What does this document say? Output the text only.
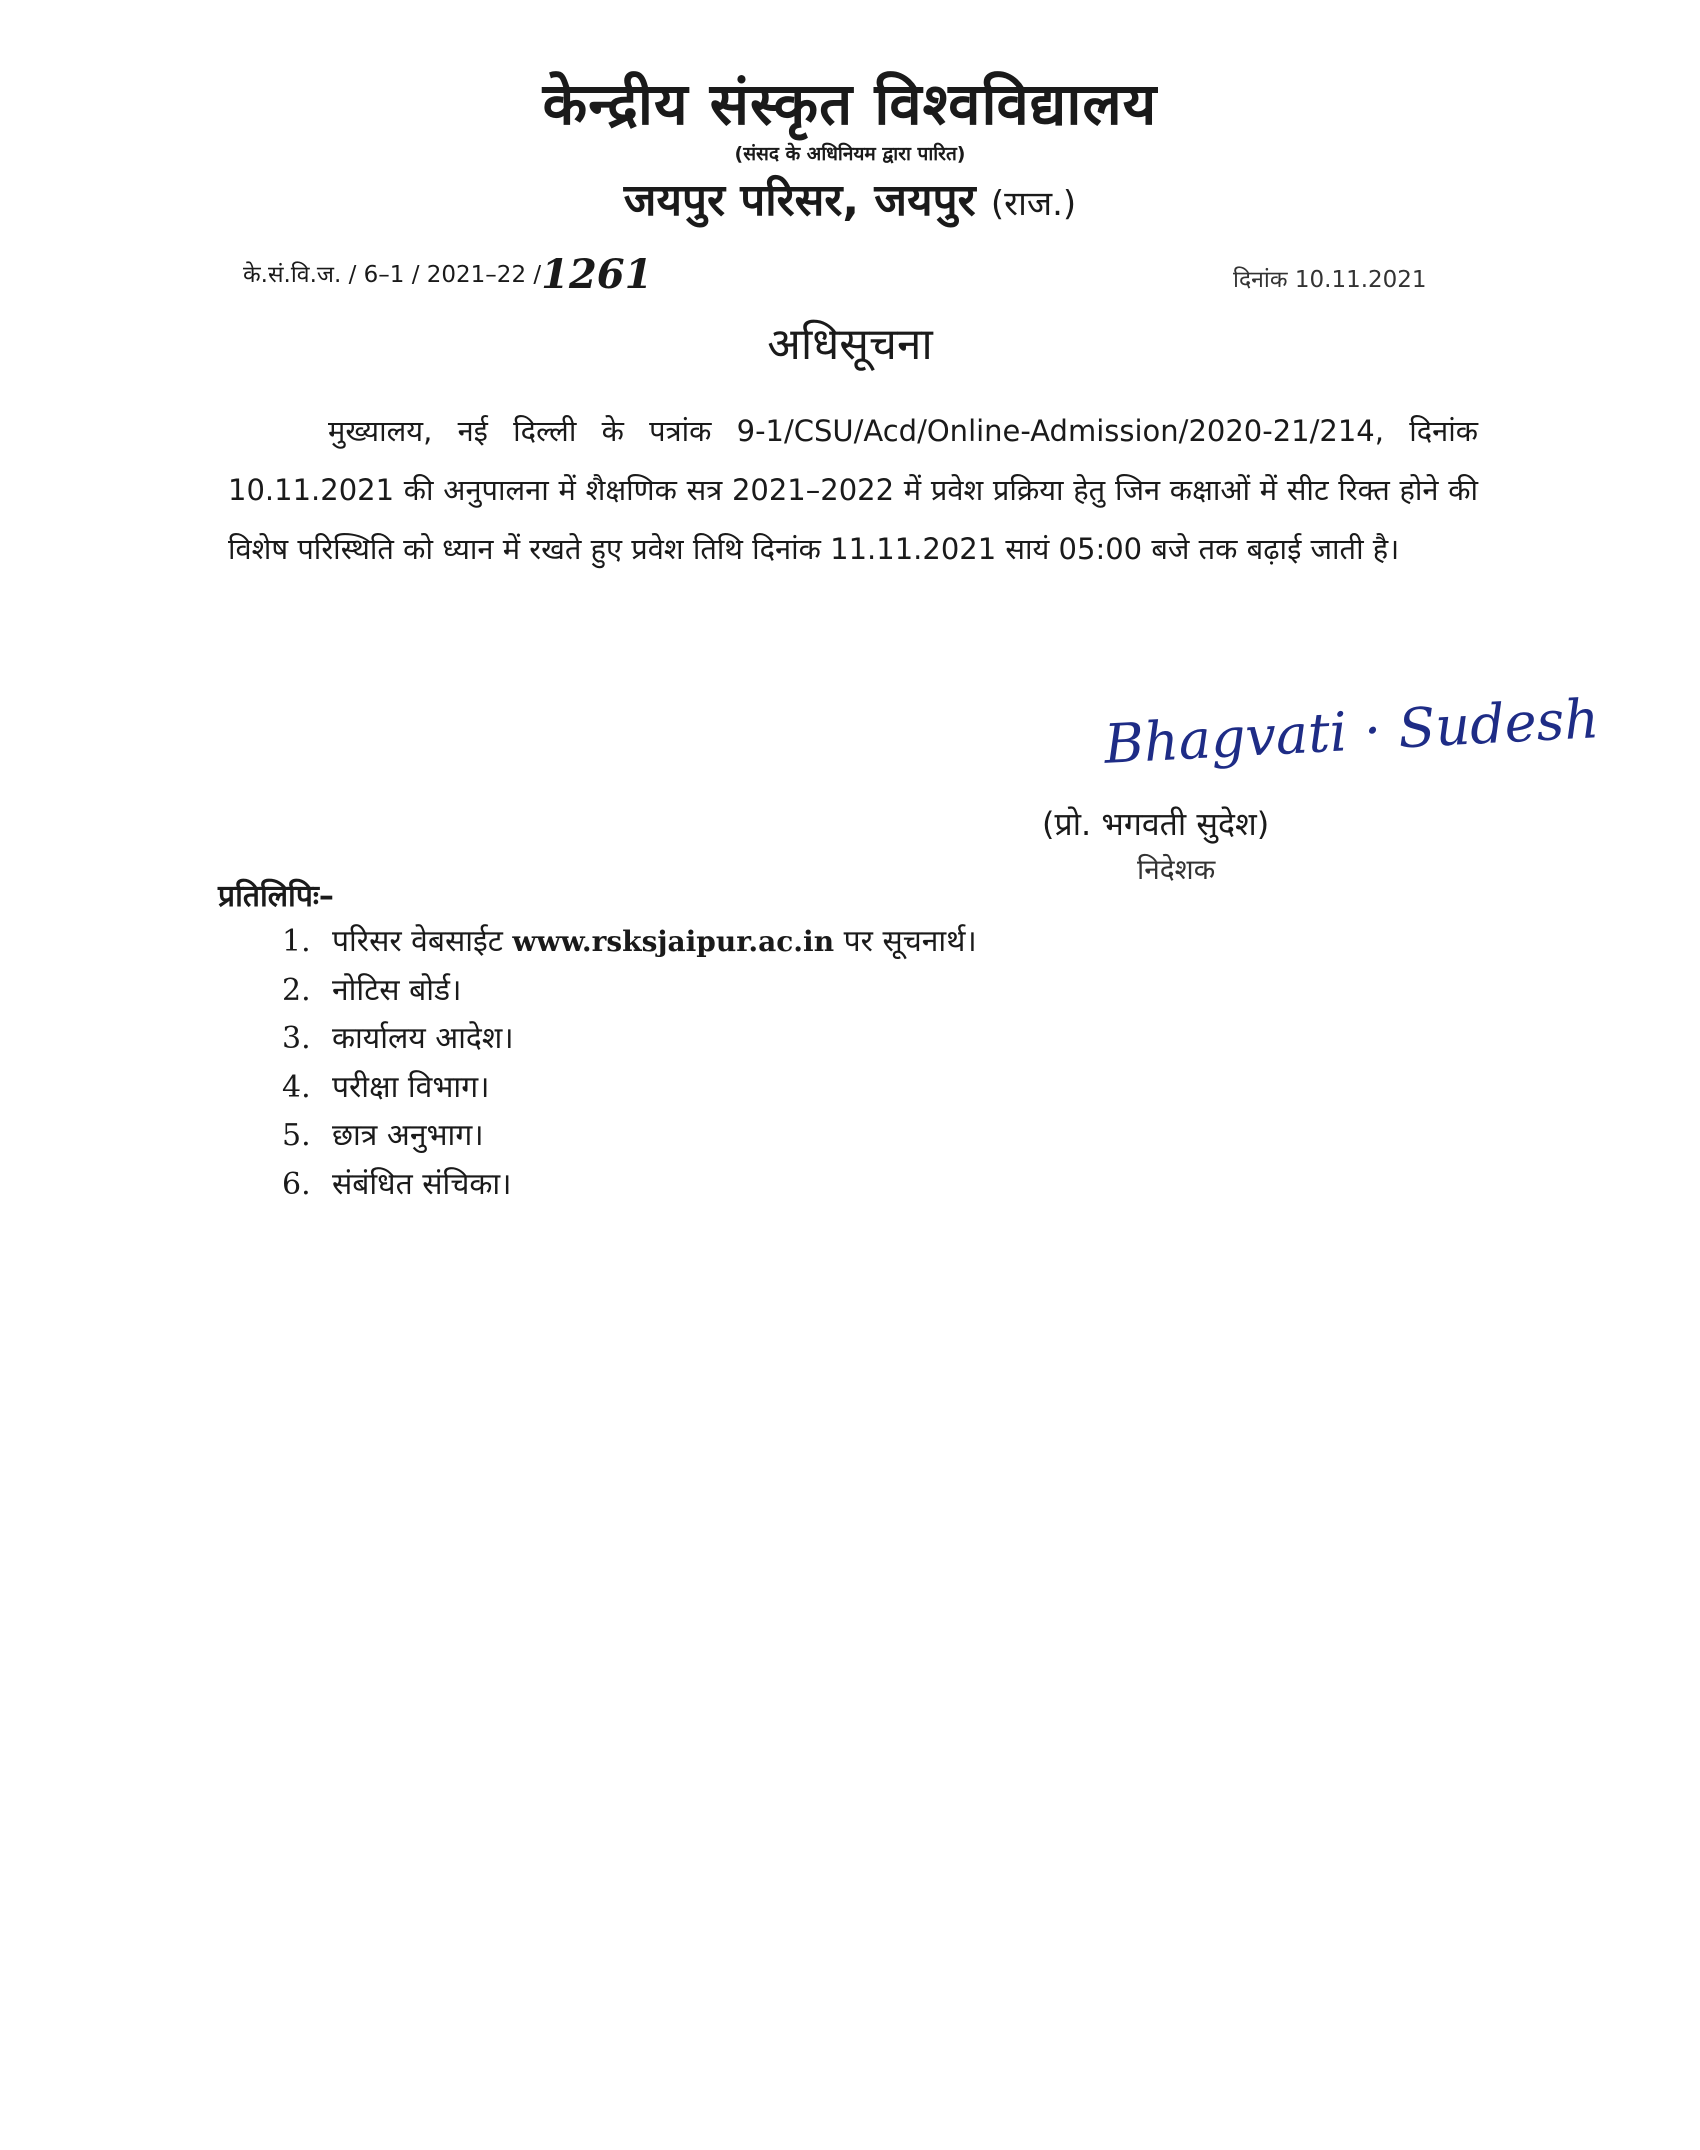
केन्द्रीय संस्कृत विश्वविद्यालय
(संसद के अधिनियम द्वारा पारित)
जयपुर परिसर, जयपुर (राज.)
के.सं.वि.ज. / 6–1 / 2021–22 /1261	दिनांक 10.11.2021
अधिसूचना
मुख्यालय, नई दिल्ली के पत्रांक 9-1/CSU/Acd/Online-Admission/2020-21/214, दिनांक 10.11.2021 की अनुपालना में शैक्षणिक सत्र 2021–2022 में प्रवेश प्रक्रिया हेतु जिन कक्षाओं में सीट रिक्त होने की विशेष परिस्थिति को ध्यान में रखते हुए प्रवेश तिथि दिनांक 11.11.2021 सायं 05:00 बजे तक बढ़ाई जाती है।
Bhagvati · Sudesh
(प्रो. भगवती सुदेश)
निदेशक
प्रतिलिपिः–
1. परिसर वेबसाईट www.rsksjaipur.ac.in पर सूचनार्थ।
2. नोटिस बोर्ड।
3. कार्यालय आदेश।
4. परीक्षा विभाग।
5. छात्र अनुभाग।
6. संबंधित संचिका।
